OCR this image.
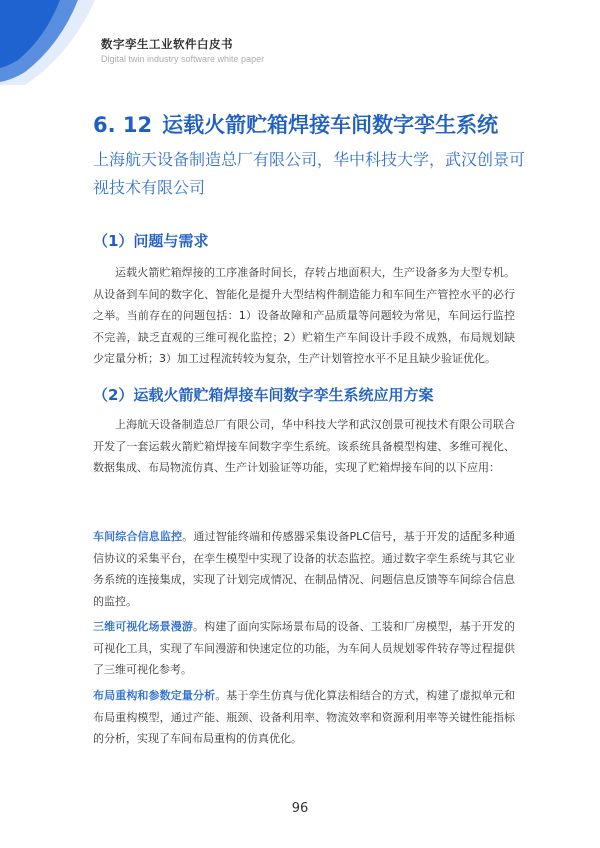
数字孪生工业软件白皮书
Digital twin industry software white paper
6. 12 运载火箭贮箱焊接车间数字孪生系统
上海航天设备制造总厂有限公司，华中科技大学，武汉创景可视技术有限公司
（1）问题与需求
运载火箭贮箱焊接的工序准备时间长，存转占地面积大，生产设备多为大型专机。从设备到车间的数字化、智能化是提升大型结构件制造能力和车间生产管控水平的必行之举。当前存在的问题包括：1）设备故障和产品质量等问题较为常见，车间运行监控不完善，缺乏直观的三维可视化监控；2）贮箱生产车间设计手段不成熟，布局规划缺少定量分析；3）加工过程流转较为复杂，生产计划管控水平不足且缺少验证优化。
（2）运载火箭贮箱焊接车间数字孪生系统应用方案
上海航天设备制造总厂有限公司，华中科技大学和武汉创景可视技术有限公司联合开发了一套运载火箭贮箱焊接车间数字孪生系统。该系统具备模型构建、多维可视化、数据集成、布局物流仿真、生产计划验证等功能，实现了贮箱焊接车间的以下应用：
车间综合信息监控。通过智能终端和传感器采集设备PLC信号，基于开发的适配多种通信协议的采集平台，在孪生模型中实现了设备的状态监控。通过数字孪生系统与其它业务系统的连接集成，实现了计划完成情况、在制品情况、问题信息反馈等车间综合信息的监控。
三维可视化场景漫游。构建了面向实际场景布局的设备、工装和厂房模型，基于开发的可视化工具，实现了车间漫游和快速定位的功能，为车间人员规划零件转存等过程提供了三维可视化参考。
布局重构和参数定量分析。基于孪生仿真与优化算法相结合的方式，构建了虚拟单元和布局重构模型，通过产能、瓶颈、设备利用率、物流效率和资源利用率等关键性能指标的分析，实现了车间布局重构的仿真优化。
96
